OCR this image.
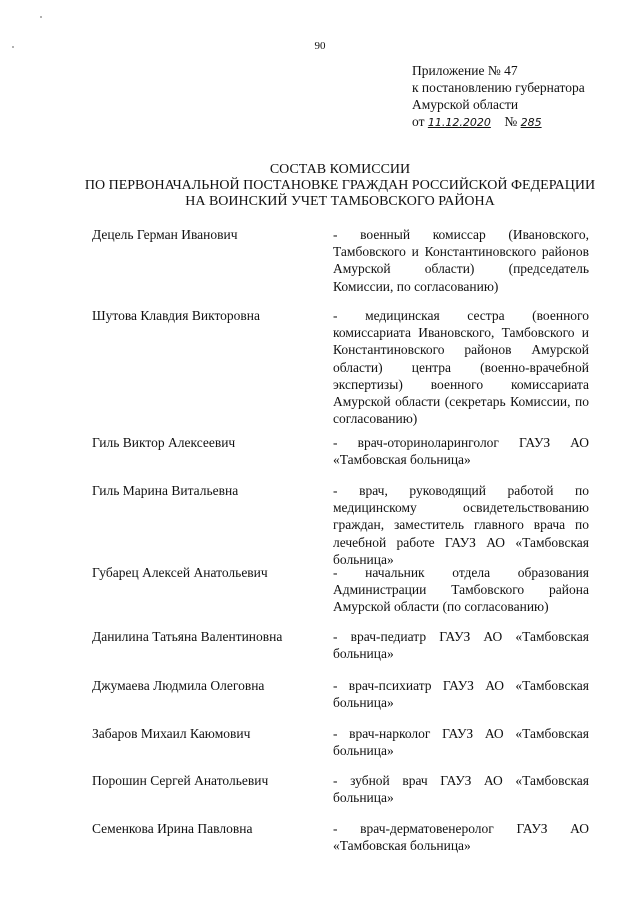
90
Приложение № 47
к постановлению губернатора
Амурской области
от 11.12.2020 № 285
СОСТАВ КОМИССИИ
ПО ПЕРВОНАЧАЛЬНОЙ ПОСТАНОВКЕ ГРАЖДАН РОССИЙСКОЙ ФЕДЕРАЦИИ
НА ВОИНСКИЙ УЧЕТ ТАМБОВСКОГО РАЙОНА
Децель Герман Иванович	- военный комиссар (Ивановского, Тамбовского и Константиновского районов Амурской области) (председатель Комиссии, по согласованию)
Шутова Клавдия Викторовна	- медицинская сестра (военного комиссариата Ивановского, Тамбовского и Константиновского районов Амурской области) центра (военно-врачебной экспертизы) военного комиссариата Амурской области (секретарь Комиссии, по согласованию)
Гиль Виктор Алексеевич	- врач-оториноларинголог ГАУЗ АО «Тамбовская больница»
Гиль Марина Витальевна	- врач, руководящий работой по медицинскому освидетельствованию граждан, заместитель главного врача по лечебной работе ГАУЗ АО «Тамбовская больница»
Губарец Алексей Анатольевич	- начальник отдела образования Администрации Тамбовского района Амурской области (по согласованию)
Данилина Татьяна Валентиновна	- врач-педиатр ГАУЗ АО «Тамбовская больница»
Джумаева Людмила Олеговна	- врач-психиатр ГАУЗ АО «Тамбовская больница»
Забаров Михаил Каюмович	- врач-нарколог ГАУЗ АО «Тамбовская больница»
Порошин Сергей Анатольевич	- зубной врач ГАУЗ АО «Тамбовская больница»
Семенкова Ирина Павловна	- врач-дерматовенеролог ГАУЗ АО «Тамбовская больница»
